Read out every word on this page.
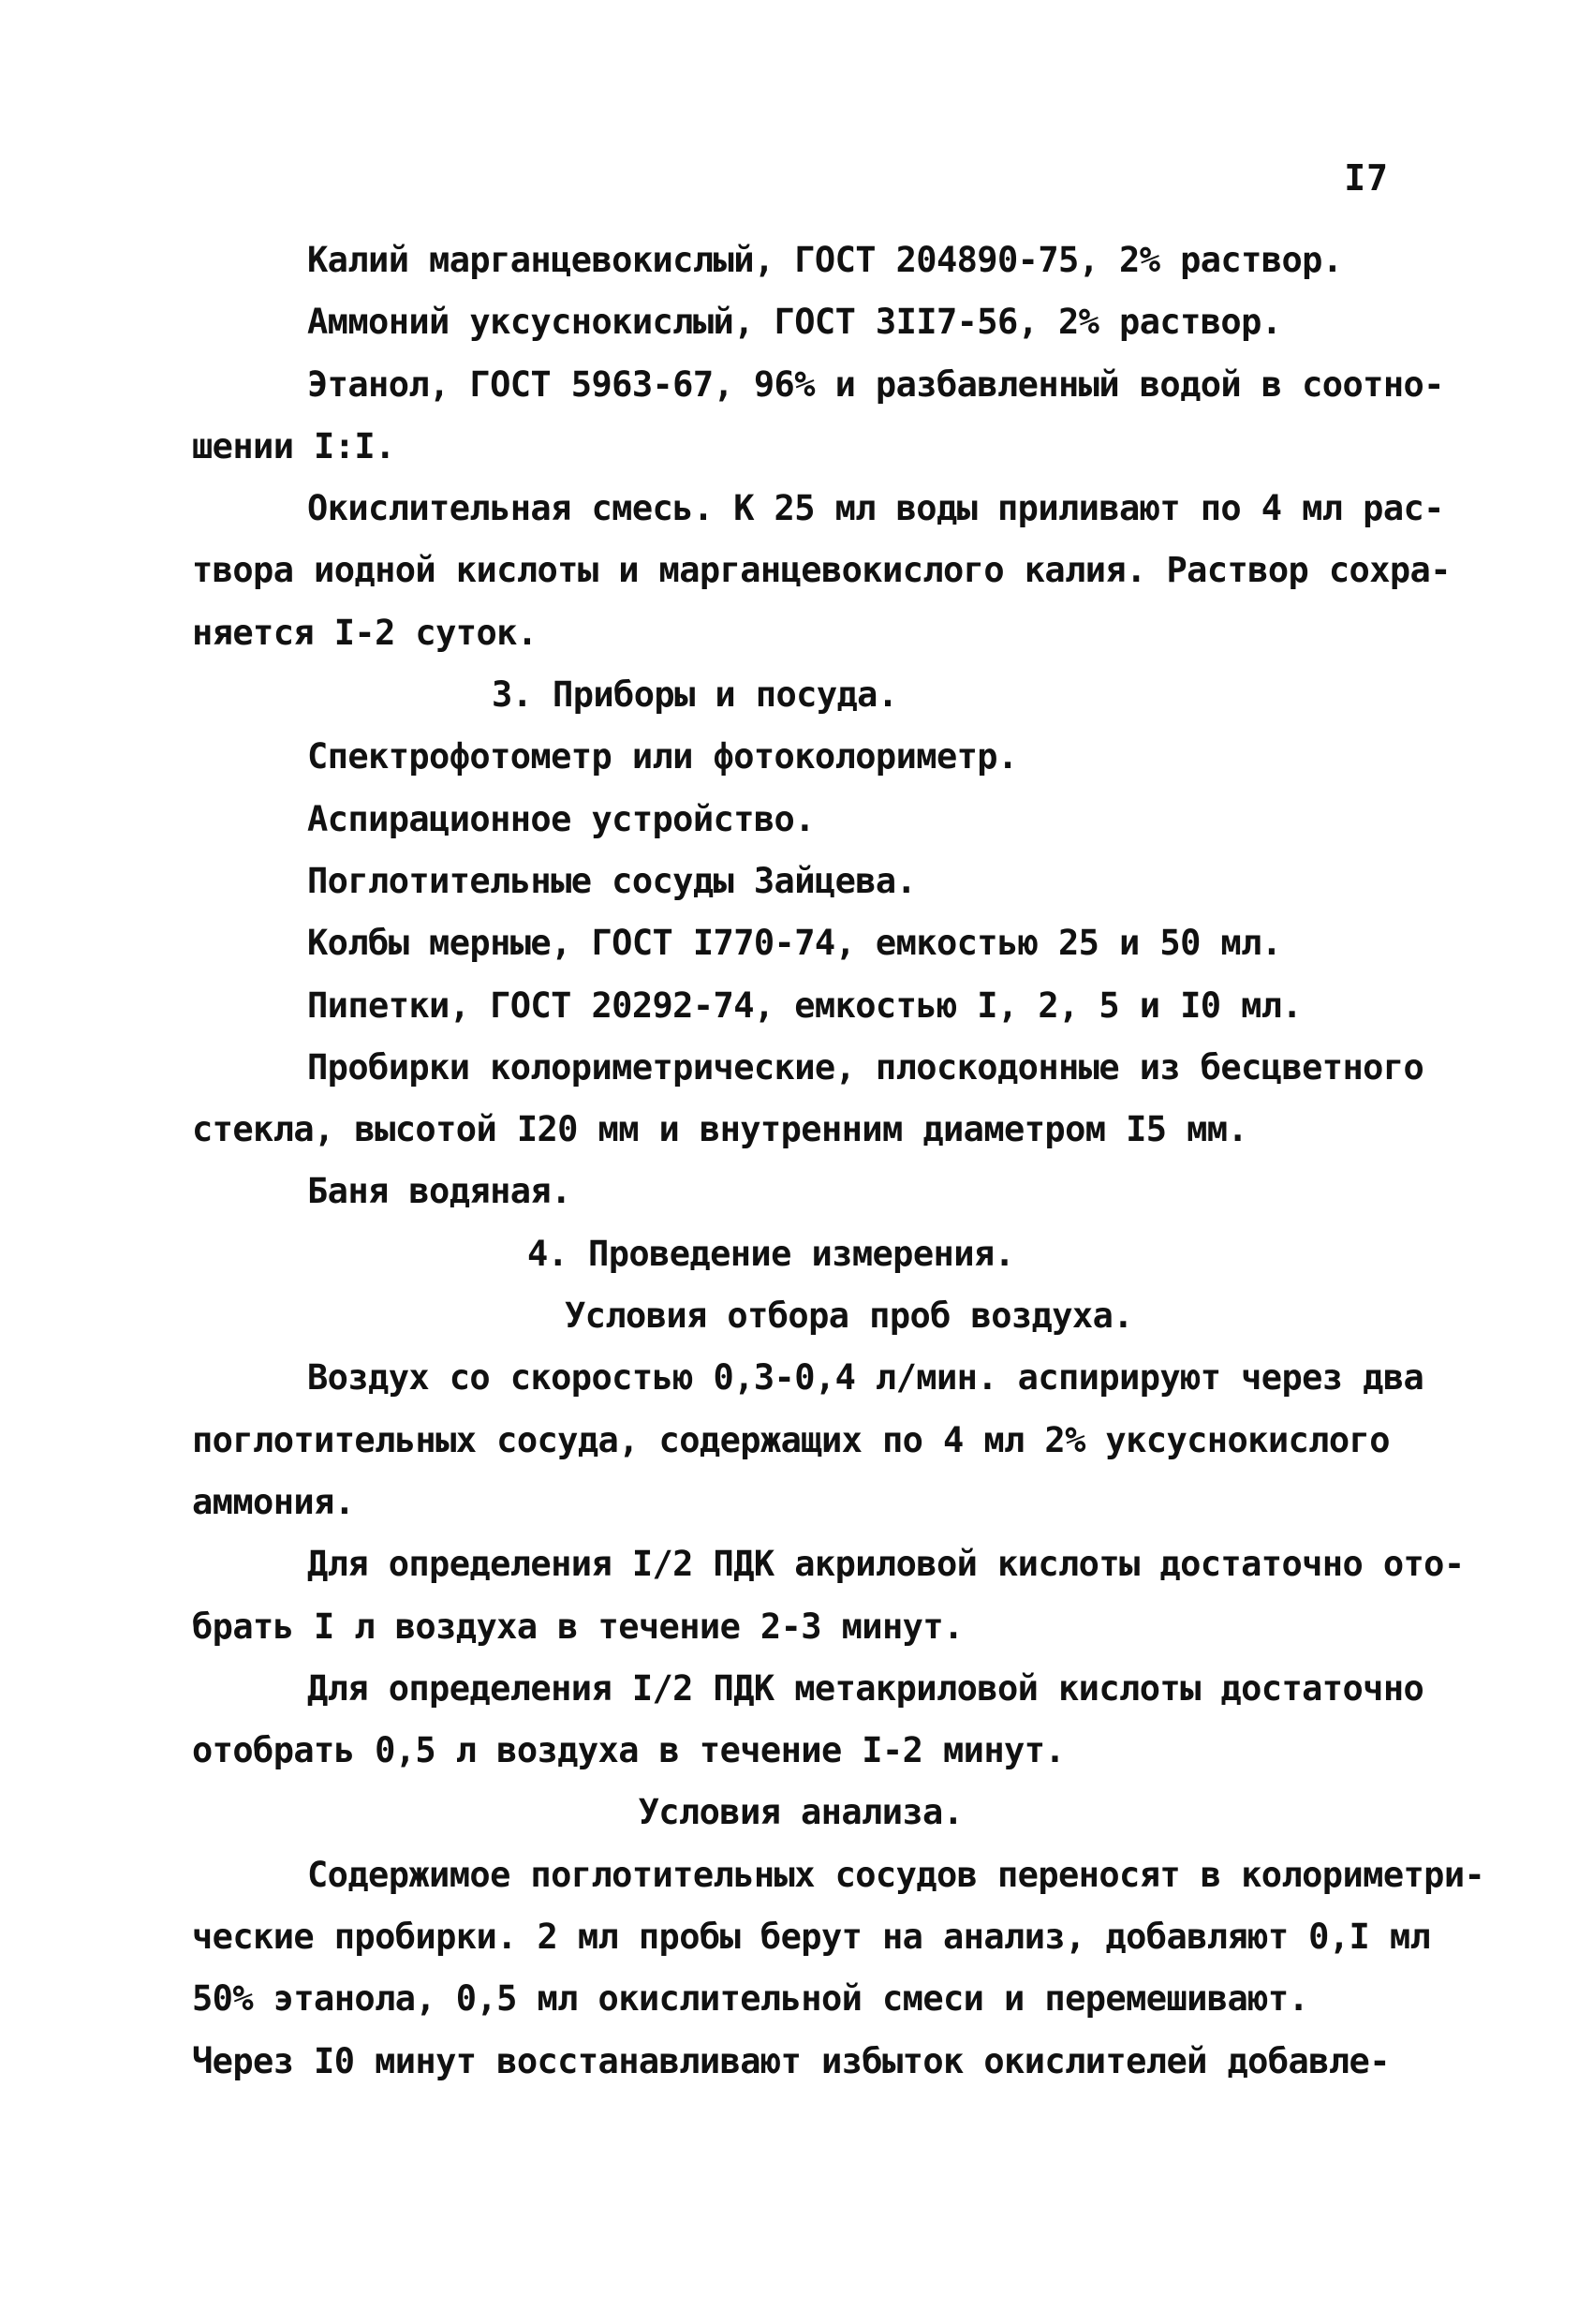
I7

Калий марганцевокислый, ГОСТ 204890-75, 2% раствор.

Аммоний уксуснокислый, ГОСТ 3II7-56, 2% раствор.

Этанол, ГОСТ 5963-67, 96% и разбавленный водой в соотно-

шении I:I.

Окислительная смесь. К 25 мл воды приливают по 4 мл рас-

твора иодной кислоты и марганцевокислого калия. Раствор сохра-

няется I-2 суток.

3. Приборы и посуда.

Спектрофотометр или фотоколориметр.

Аспирационное устройство.

Поглотительные сосуды Зайцева.

Колбы мерные, ГОСТ I770-74, емкостью 25 и 50 мл.

Пипетки, ГОСТ 20292-74, емкостью I, 2, 5 и I0 мл.

Пробирки колориметрические, плоскодонные из бесцветного

стекла, высотой I20 мм и внутренним диаметром I5 мм.

Баня водяная.

4. Проведение измерения.

Условия отбора проб воздуха.

Воздух со скоростью 0,3-0,4 л/мин. аспирируют через два

поглотительных сосуда, содержащих по 4 мл 2% уксуснокислого

аммония.

Для определения I/2 ПДК акриловой кислоты достаточно ото-

брать I л воздуха в течение 2-3 минут.

Для определения I/2 ПДК метакриловой кислоты достаточно

отобрать 0,5 л воздуха в течение I-2 минут.

Условия анализа.

Содержимое поглотительных сосудов переносят в колориметри-

ческие пробирки. 2 мл пробы берут на анализ, добавляют 0,I мл

50% этанола, 0,5 мл окислительной смеси и перемешивают.

Через I0 минут восстанавливают избыток окислителей добавле-
